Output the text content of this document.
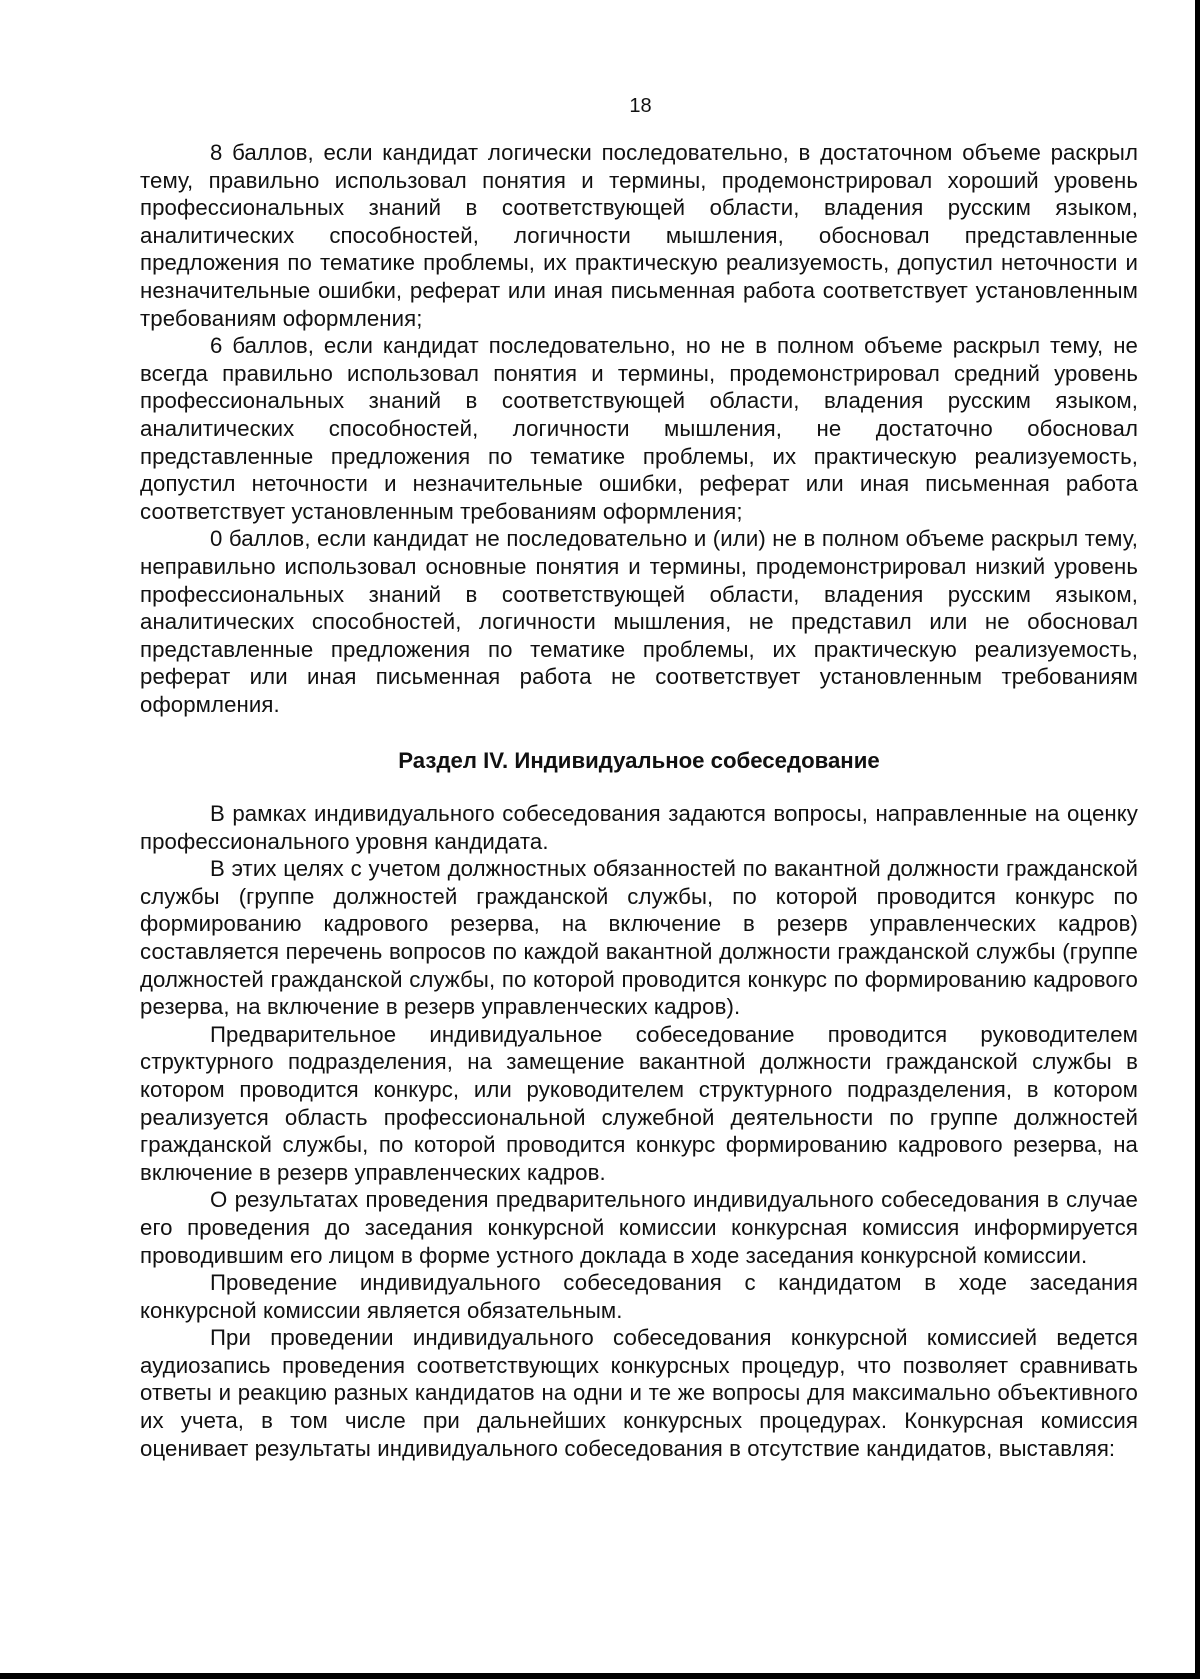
18

8 баллов, если кандидат логически последовательно, в достаточном объеме раскрыл тему, правильно использовал понятия и термины, продемонстрировал хороший уровень профессиональных знаний в соответствующей области, владения русским языком, аналитических способностей, логичности мышления, обосновал представленные предложения по тематике проблемы, их практическую реализуемость, допустил неточности и незначительные ошибки, реферат или иная письменная работа соответствует установленным требованиям оформления;

6 баллов, если кандидат последовательно, но не в полном объеме раскрыл тему, не всегда правильно использовал понятия и термины, продемонстрировал средний уровень профессиональных знаний в соответствующей области, владения русским языком, аналитических способностей, логичности мышления, не достаточно обосновал представленные предложения по тематике проблемы, их практическую реализуемость, допустил неточности и незначительные ошибки, реферат или иная письменная работа соответствует установленным требованиям оформления;

0 баллов, если кандидат не последовательно и (или) не в полном объеме раскрыл тему, неправильно использовал основные понятия и термины, продемонстрировал низкий уровень профессиональных знаний в соответствующей области, владения русским языком, аналитических способностей, логичности мышления, не представил или не обосновал представленные предложения по тематике проблемы, их практическую реализуемость, реферат или иная письменная работа не соответствует установленным требованиям оформления.

Раздел IV. Индивидуальное собеседование

В рамках индивидуального собеседования задаются вопросы, направленные на оценку профессионального уровня кандидата.

В этих целях с учетом должностных обязанностей по вакантной должности гражданской службы (группе должностей гражданской службы, по которой проводится конкурс по формированию кадрового резерва, на включение в резерв управленческих кадров) составляется перечень вопросов по каждой вакантной должности гражданской службы (группе должностей гражданской службы, по которой проводится конкурс по формированию кадрового резерва, на включение в резерв управленческих кадров).

Предварительное индивидуальное собеседование проводится руководителем структурного подразделения, на замещение вакантной должности гражданской службы в котором проводится конкурс, или руководителем структурного подразделения, в котором реализуется область профессиональной служебной деятельности по группе должностей гражданской службы, по которой проводится конкурс формированию кадрового резерва, на включение в резерв управленческих кадров.

О результатах проведения предварительного индивидуального собеседования в случае его проведения до заседания конкурсной комиссии конкурсная комиссия информируется проводившим его лицом в форме устного доклада в ходе заседания конкурсной комиссии.

Проведение индивидуального собеседования с кандидатом в ходе заседания конкурсной комиссии является обязательным.

При проведении индивидуального собеседования конкурсной комиссией ведется аудиозапись проведения соответствующих конкурсных процедур, что позволяет сравнивать ответы и реакцию разных кандидатов на одни и те же вопросы для максимально объективного их учета, в том числе при дальнейших конкурсных процедурах. Конкурсная комиссия оценивает результаты индивидуального собеседования в отсутствие кандидатов, выставляя:
